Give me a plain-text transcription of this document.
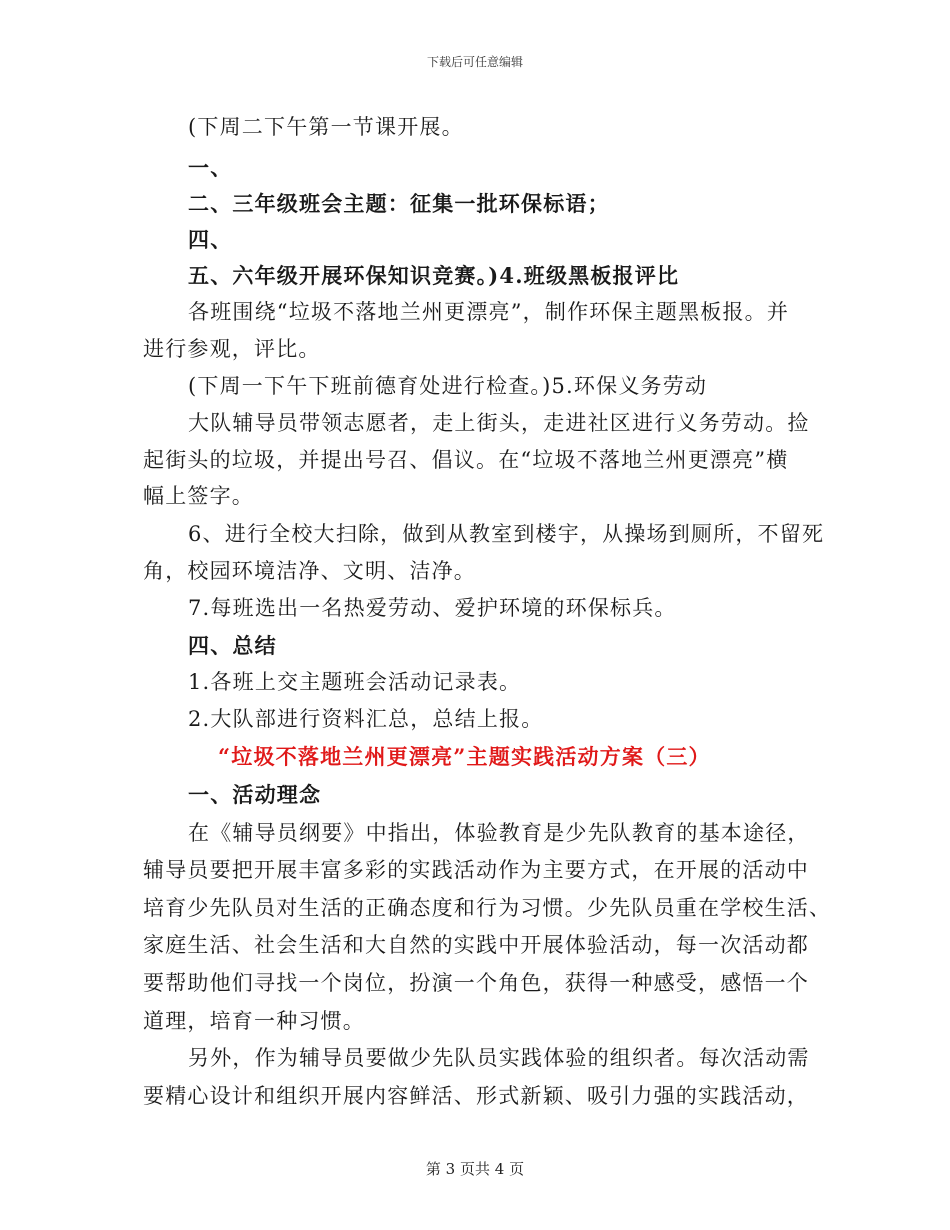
下载后可任意编辑
(下周二下午第一节课开展。
一、
二、三年级班会主题：征集一批环保标语；
四、
五、六年级开展环保知识竞赛。)4.班级黑板报评比
各班围绕“垃圾不落地兰州更漂亮”，制作环保主题黑板报。并
进行参观，评比。
(下周一下午下班前德育处进行检查。)5.环保义务劳动
大队辅导员带领志愿者，走上街头，走进社区进行义务劳动。捡
起街头的垃圾，并提出号召、倡议。在“垃圾不落地兰州更漂亮”横
幅上签字。
6、进行全校大扫除，做到从教室到楼宇，从操场到厕所，不留死
角，校园环境洁净、文明、洁净。
7.每班选出一名热爱劳动、爱护环境的环保标兵。
四、总结
1.各班上交主题班会活动记录表。
2.大队部进行资料汇总，总结上报。
“垃圾不落地兰州更漂亮”主题实践活动方案（三）
一、活动理念
在《辅导员纲要》中指出，体验教育是少先队教育的基本途径，
辅导员要把开展丰富多彩的实践活动作为主要方式，在开展的活动中
培育少先队员对生活的正确态度和行为习惯。少先队员重在学校生活、
家庭生活、社会生活和大自然的实践中开展体验活动，每一次活动都
要帮助他们寻找一个岗位，扮演一个角色，获得一种感受，感悟一个
道理，培育一种习惯。
另外，作为辅导员要做少先队员实践体验的组织者。每次活动需
要精心设计和组织开展内容鲜活、形式新颖、吸引力强的实践活动，
第 3 页共 4 页
